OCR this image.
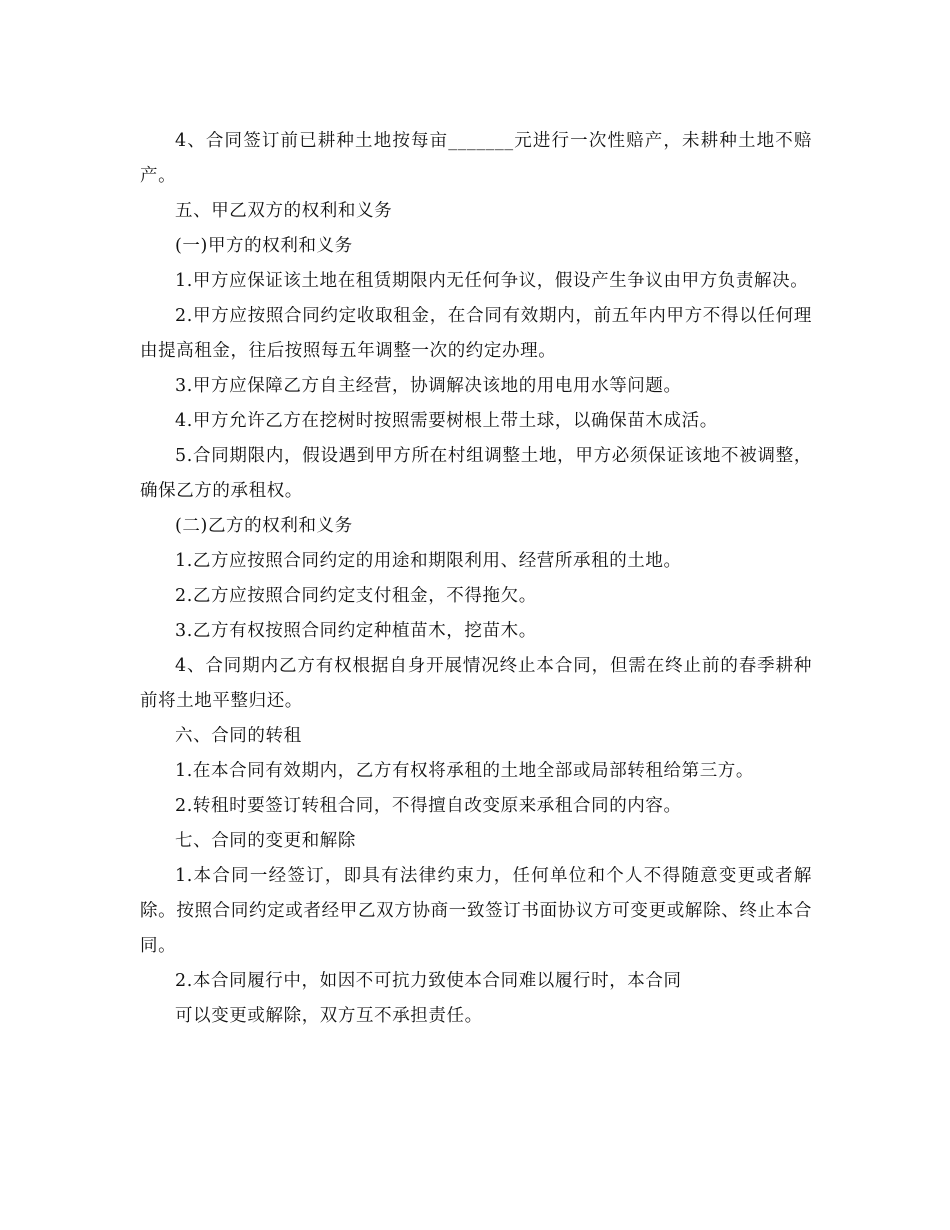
4、合同签订前已耕种土地按每亩_______元进行一次性赔产，未耕种土地不赔产。

五、甲乙双方的权利和义务

(一)甲方的权利和义务

1.甲方应保证该土地在租赁期限内无任何争议，假设产生争议由甲方负责解决。

2.甲方应按照合同约定收取租金，在合同有效期内，前五年内甲方不得以任何理由提高租金，往后按照每五年调整一次的约定办理。

3.甲方应保障乙方自主经营，协调解决该地的用电用水等问题。

4.甲方允许乙方在挖树时按照需要树根上带土球，以确保苗木成活。

5.合同期限内，假设遇到甲方所在村组调整土地，甲方必须保证该地不被调整，确保乙方的承租权。

(二)乙方的权利和义务

1.乙方应按照合同约定的用途和期限利用、经营所承租的土地。

2.乙方应按照合同约定支付租金，不得拖欠。

3.乙方有权按照合同约定种植苗木，挖苗木。

4、合同期内乙方有权根据自身开展情况终止本合同，但需在终止前的春季耕种前将土地平整归还。

六、合同的转租

1.在本合同有效期内，乙方有权将承租的土地全部或局部转租给第三方。

2.转租时要签订转租合同，不得擅自改变原来承租合同的内容。

七、合同的变更和解除

1.本合同一经签订，即具有法律约束力，任何单位和个人不得随意变更或者解除。按照合同约定或者经甲乙双方协商一致签订书面协议方可变更或解除、终止本合同。

2.本合同履行中，如因不可抗力致使本合同难以履行时，本合同

可以变更或解除，双方互不承担责任。
